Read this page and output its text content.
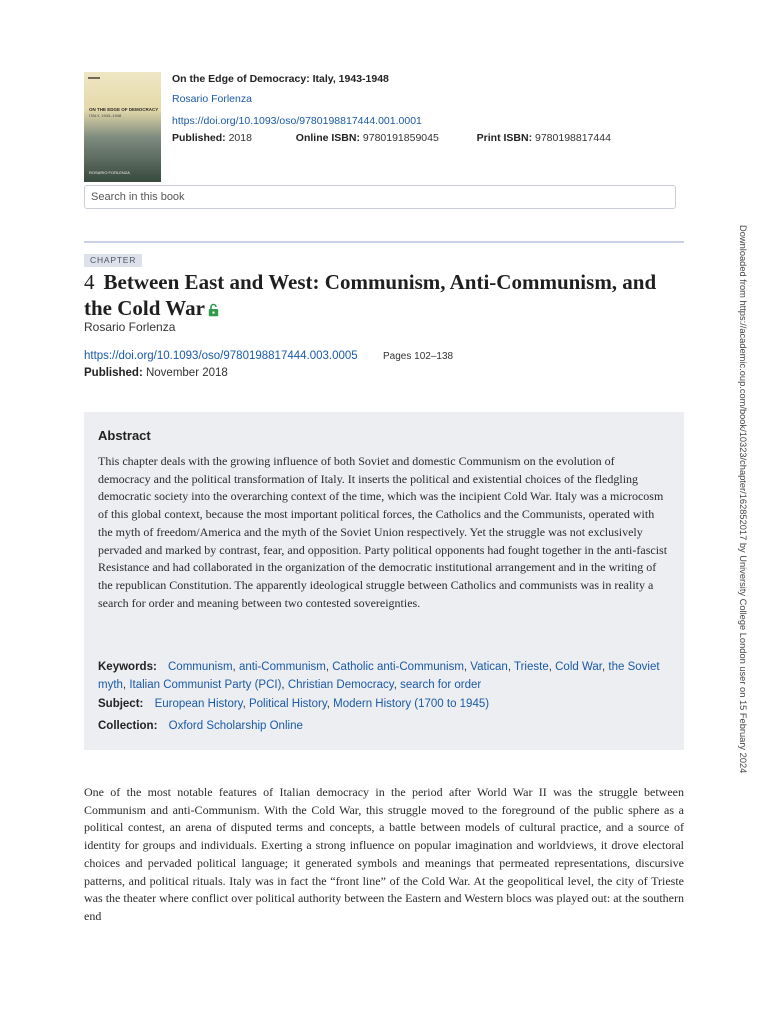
ON THE EDGE OF DEMOCRACY
ITALY, 1943–1948
ROSARIO FORLENZA
On the Edge of Democracy: Italy, 1943-1948
Rosario Forlenza
https://doi.org/10.1093/oso/9780198817444.001.0001
Published: 2018	Online ISBN: 9780191859045	Print ISBN: 9780198817444
Search in this book
CHAPTER
4 Between East and West: Communism, Anti-Communism, and the Cold War
Rosario Forlenza
https://doi.org/10.1093/oso/9780198817444.003.0005	Pages 102–138
Published: November 2018
Abstract
This chapter deals with the growing influence of both Soviet and domestic Communism on the evolution of democracy and the political transformation of Italy. It inserts the political and existential choices of the fledgling democratic society into the overarching context of the time, which was the incipient Cold War. Italy was a microcosm of this global context, because the most important political forces, the Catholics and the Communists, operated with the myth of freedom/America and the myth of the Soviet Union respectively. Yet the struggle was not exclusively pervaded and marked by contrast, fear, and opposition. Party political opponents had fought together in the anti-fascist Resistance and had collaborated in the organization of the democratic institutional arrangement and in the writing of the republican Constitution. The apparently ideological struggle between Catholics and communists was in reality a search for order and meaning between two contested sovereignties.
Keywords: Communism, anti-Communism, Catholic anti-Communism, Vatican, Trieste, Cold War, the Soviet myth, Italian Communist Party (PCI), Christian Democracy, search for order
Subject: European History, Political History, Modern History (1700 to 1945)
Collection: Oxford Scholarship Online
One of the most notable features of Italian democracy in the period after World War II was the struggle between Communism and anti-Communism. With the Cold War, this struggle moved to the foreground of the public sphere as a political contest, an arena of disputed terms and concepts, a battle between models of cultural practice, and a source of identity for groups and individuals. Exerting a strong influence on popular imagination and worldviews, it drove electoral choices and pervaded political language; it generated symbols and meanings that permeated representations, discursive patterns, and political rituals. Italy was in fact the “front line” of the Cold War. At the geopolitical level, the city of Trieste was the theater where conflict over political authority between the Eastern and Western blocs was played out: at the southern end
Downloaded from https://academic.oup.com/book/10323/chapter/162852017 by University College London user on 15 February 2024
